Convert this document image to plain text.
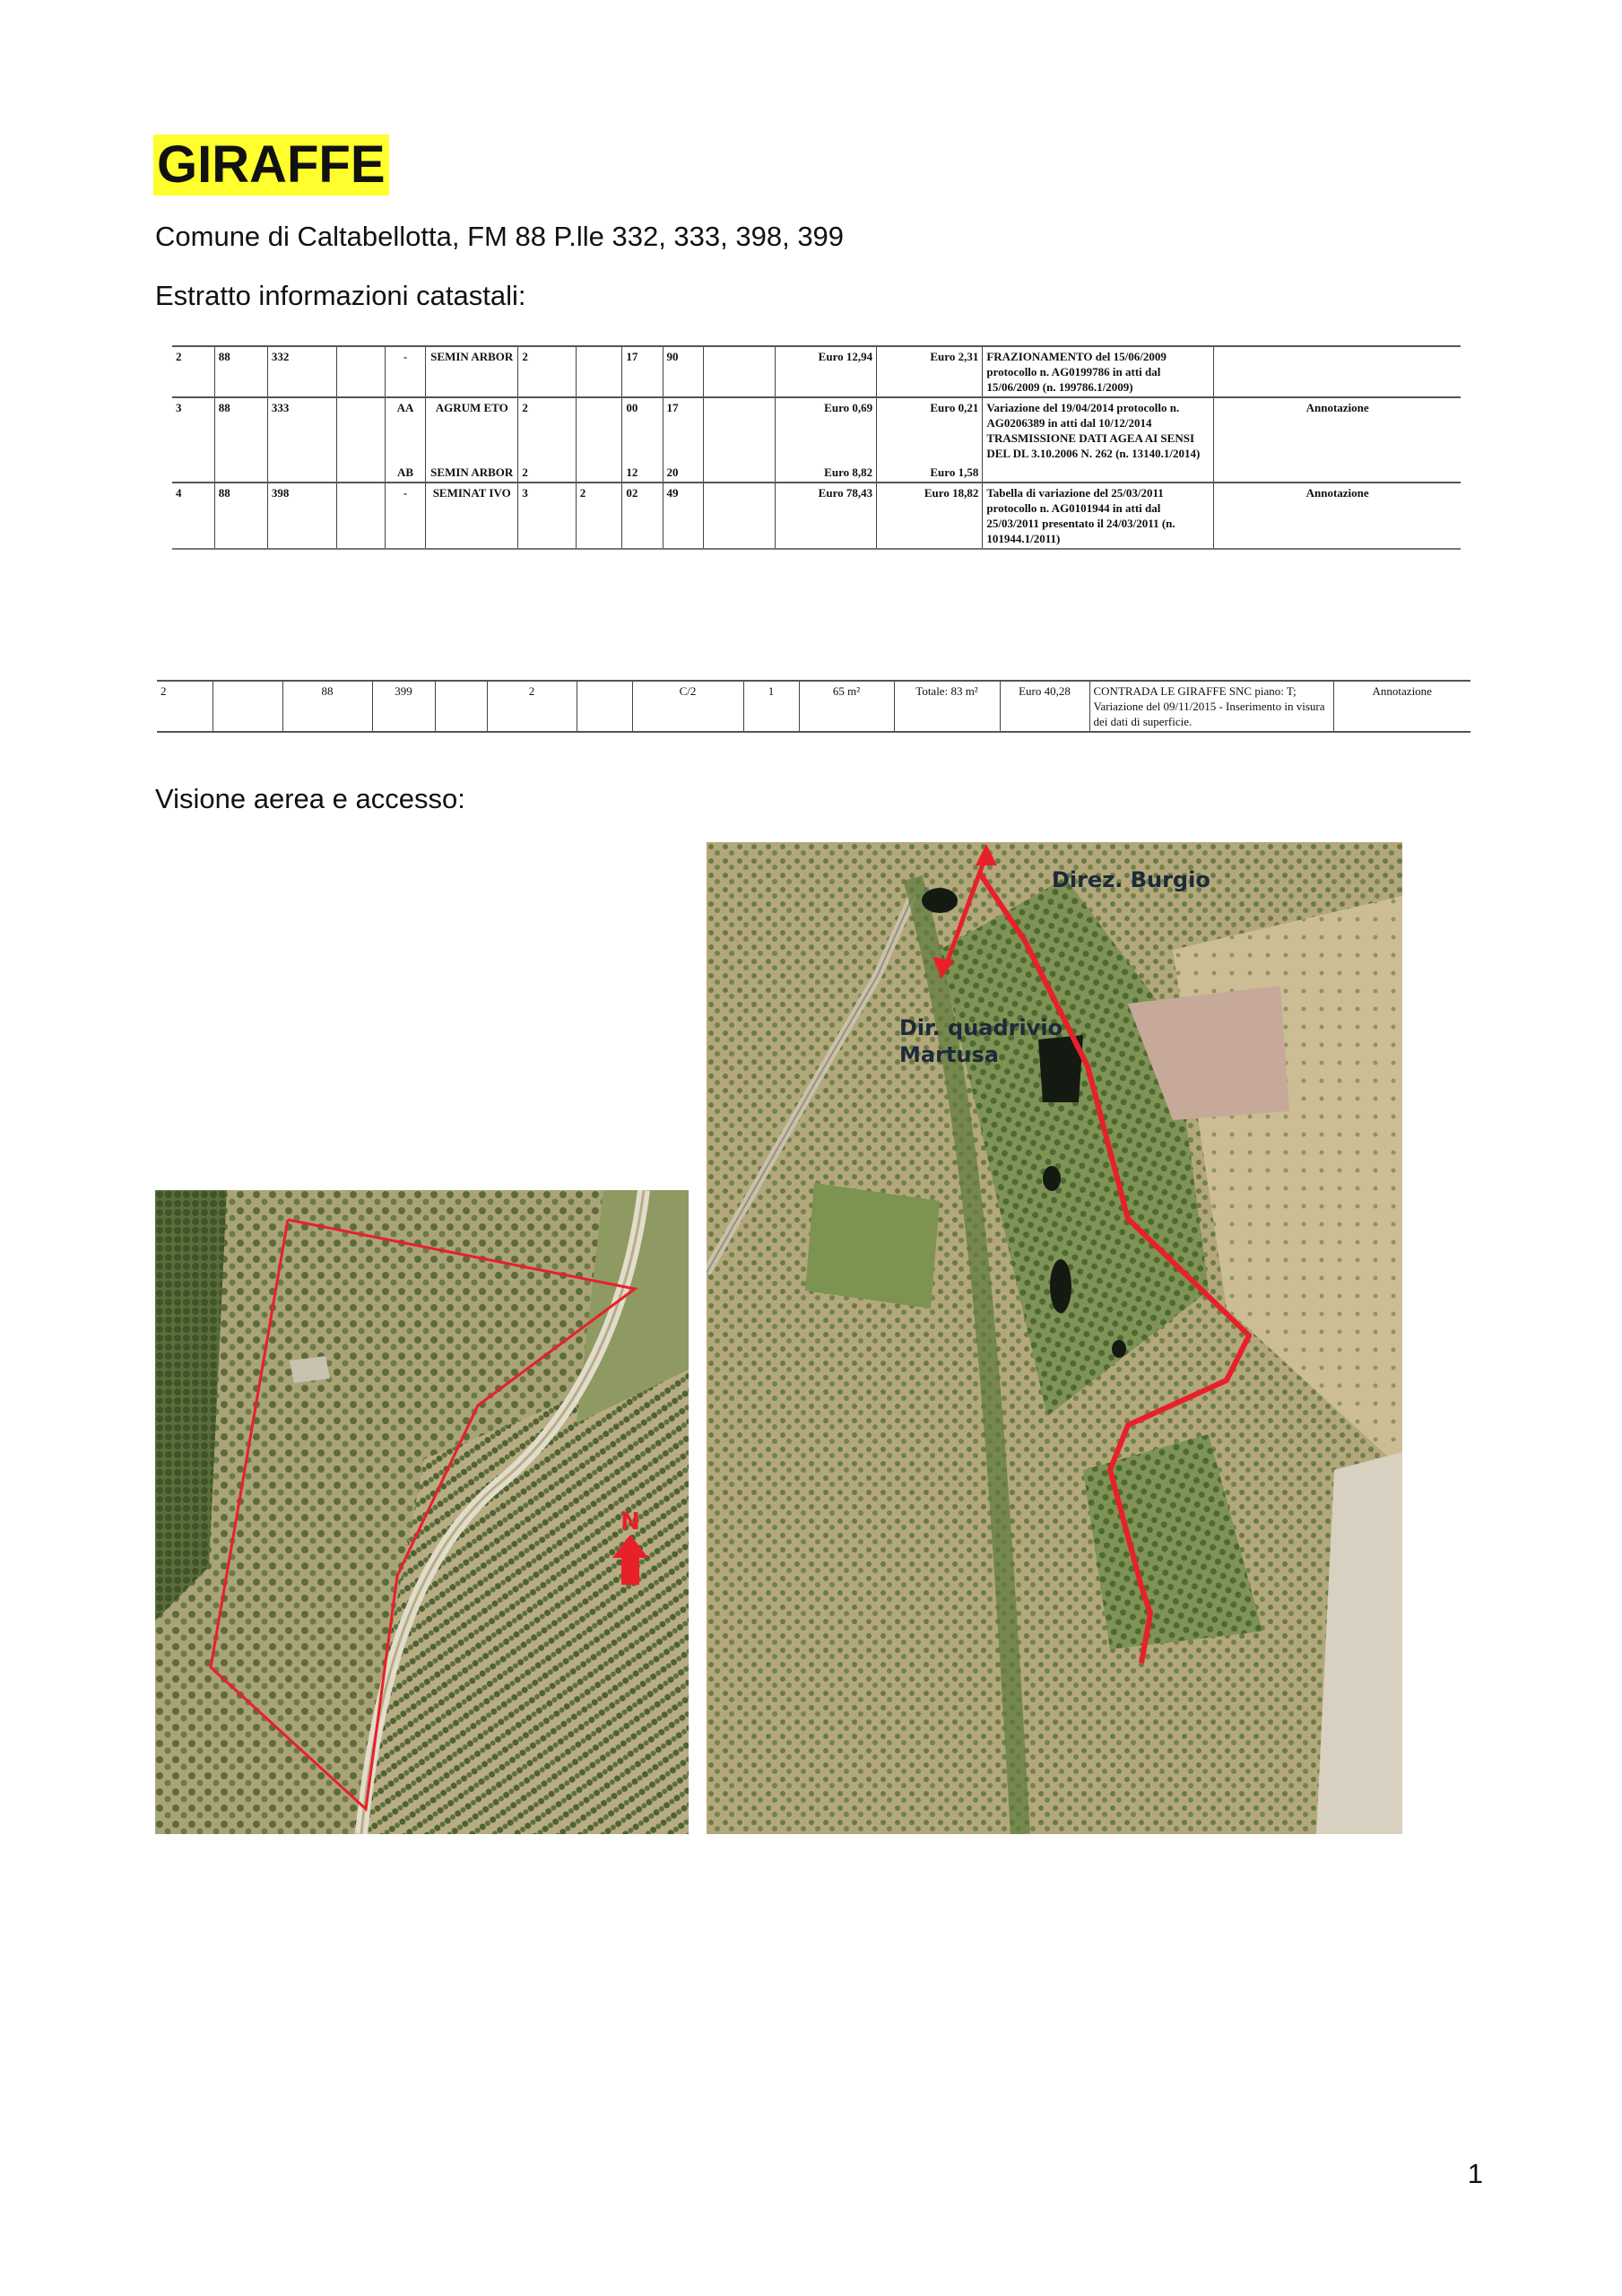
GIRAFFE

Comune di Caltabellotta, FM 88 P.lle 332, 333, 398, 399

Estratto informazioni catastali:

2	88	332		-	SEMIN ARBOR	2		17	90		Euro 12,94	Euro 2,31	FRAZIONAMENTO del 15/06/2009 protocollo n. AG0199786 in atti dal 15/06/2009 (n. 199786.1/2009)	
3	88	333		AA	AGRUM ETO	2		00	17		Euro 0,69	Euro 0,21	Variazione del 19/04/2014 protocollo n. AG0206389 in atti dal 10/12/2014 TRASMISSIONE DATI AGEA AI SENSI DEL DL 3.10.2006 N. 262 (n. 13140.1/2014)	Annotazione
				AB	SEMIN ARBOR	2		12	20		Euro 8,82	Euro 1,58		
4	88	398		-	SEMINAT IVO	3	2	02	49		Euro 78,43	Euro 18,82	Tabella di variazione del 25/03/2011 protocollo n. AG0101944 in atti dal 25/03/2011 presentato il 24/03/2011 (n. 101944.1/2011)	Annotazione
2		88	399		2		C/2	1	65 m²	Totale: 83 m²	Euro 40,28	CONTRADA LE GIRAFFE SNC piano: T; Variazione del 09/11/2015 - Inserimento in visura dei dati di superficie.	Annotazione

Visione aerea e accesso:

N
Direz. Burgio
Dir. quadrivio
Martusa

1
